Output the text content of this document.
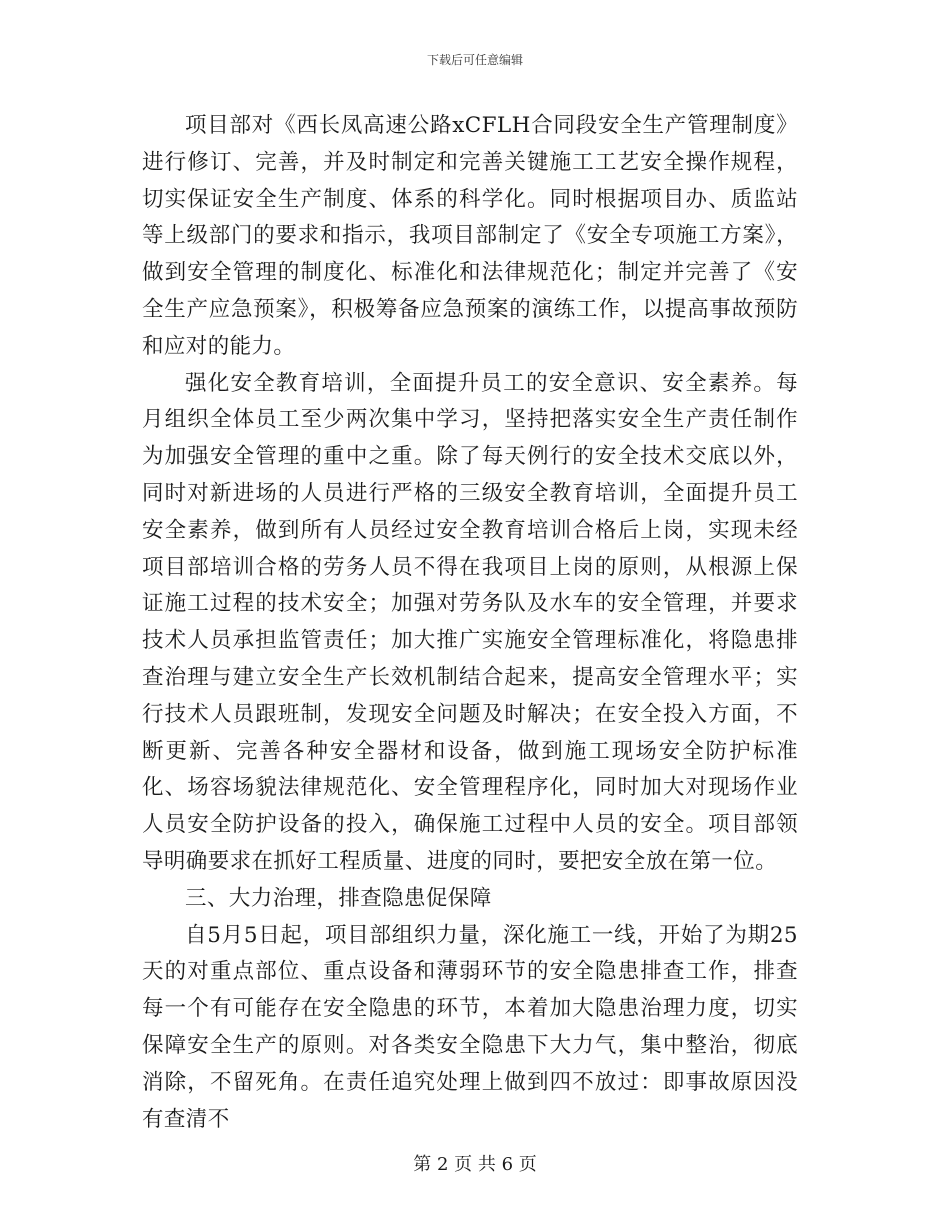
下载后可任意编辑

项目部对《西长凤高速公路xCFLH合同段安全生产管理制度》进行修订、完善，并及时制定和完善关键施工工艺安全操作规程，切实保证安全生产制度、体系的科学化。同时根据项目办、质监站等上级部门的要求和指示，我项目部制定了《安全专项施工方案》，做到安全管理的制度化、标准化和法律规范化；制定并完善了《安全生产应急预案》，积极筹备应急预案的演练工作，以提高事故预防和应对的能力。

强化安全教育培训，全面提升员工的安全意识、安全素养。每月组织全体员工至少两次集中学习，坚持把落实安全生产责任制作为加强安全管理的重中之重。除了每天例行的安全技术交底以外，同时对新进场的人员进行严格的三级安全教育培训，全面提升员工安全素养，做到所有人员经过安全教育培训合格后上岗，实现未经项目部培训合格的劳务人员不得在我项目上岗的原则，从根源上保证施工过程的技术安全；加强对劳务队及水车的安全管理，并要求技术人员承担监管责任；加大推广实施安全管理标准化，将隐患排查治理与建立安全生产长效机制结合起来，提高安全管理水平；实行技术人员跟班制，发现安全问题及时解决；在安全投入方面，不断更新、完善各种安全器材和设备，做到施工现场安全防护标准化、场容场貌法律规范化、安全管理程序化，同时加大对现场作业人员安全防护设备的投入，确保施工过程中人员的安全。项目部领导明确要求在抓好工程质量、进度的同时，要把安全放在第一位。

三、大力治理，排查隐患促保障

自5月5日起，项目部组织力量，深化施工一线，开始了为期25天的对重点部位、重点设备和薄弱环节的安全隐患排查工作，排查每一个有可能存在安全隐患的环节，本着加大隐患治理力度，切实保障安全生产的原则。对各类安全隐患下大力气，集中整治，彻底消除，不留死角。在责任追究处理上做到四不放过：即事故原因没有查清不

第 2 页 共 6 页
